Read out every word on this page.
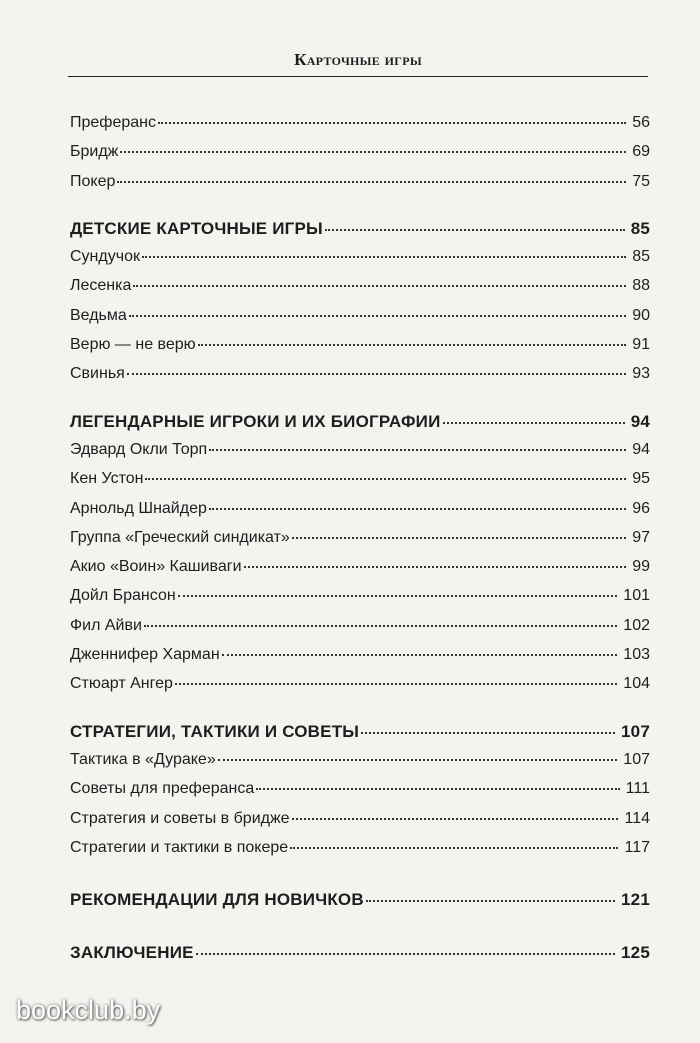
Карточные игры
Преферанс	56
Бридж	69
Покер	75
ДЕТСКИЕ КАРТОЧНЫЕ ИГРЫ	85
Сундучок	85
Лесенка	88
Ведьма	90
Верю — не верю	91
Свинья	93
ЛЕГЕНДАРНЫЕ ИГРОКИ И ИХ БИОГРАФИИ	94
Эдвард Окли Торп	94
Кен Устон	95
Арнольд Шнайдер	96
Группа «Греческий синдикат»	97
Акио «Воин» Кашиваги	99
Дойл Брансон	101
Фил Айви	102
Дженнифер Харман	103
Стюарт Ангер	104
СТРАТЕГИИ, ТАКТИКИ И СОВЕТЫ	107
Тактика в «Дураке»	107
Советы для преферанса	111
Стратегия и советы в бридже	114
Стратегии и тактики в покере	117
РЕКОМЕНДАЦИИ ДЛЯ НОВИЧКОВ	121
ЗАКЛЮЧЕНИЕ	125
bookclub.by
